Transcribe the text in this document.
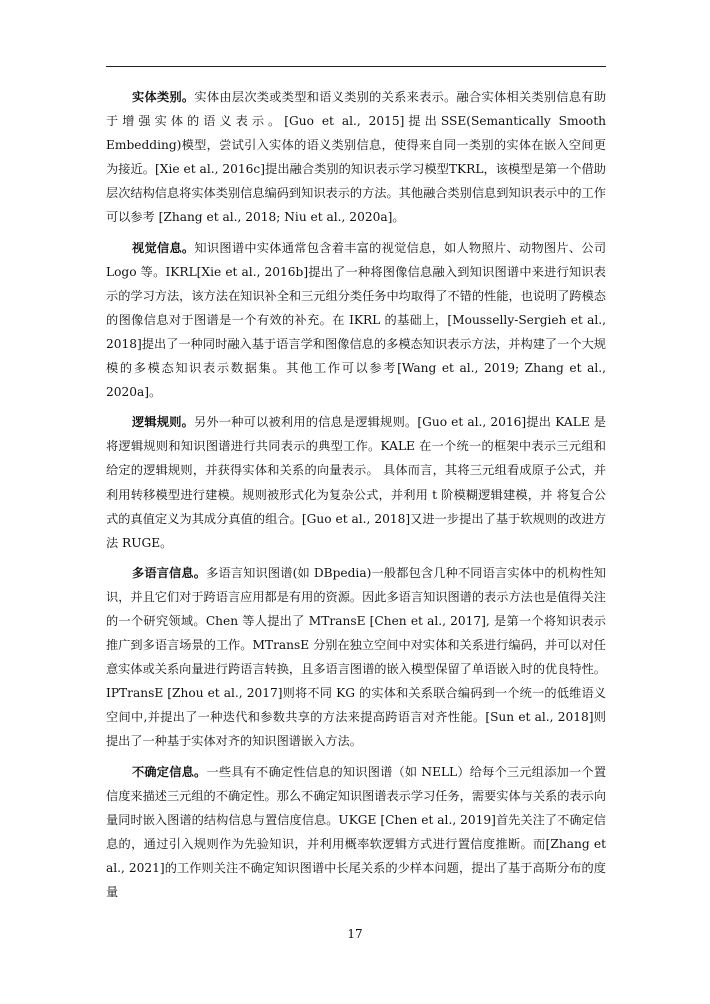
实体类别。实体由层次类或类型和语义类别的关系来表示。融合实体相关类别信息有助于增强实体的语义表示。[Guo et al., 2015]提出SSE(Semantically Smooth Embedding)模型，尝试引入实体的语义类别信息，使得来自同一类别的实体在嵌入空间更为接近。[Xie et al., 2016c]提出融合类别的知识表示学习模型TKRL，该模型是第一个借助层次结构信息将实体类别信息编码到知识表示的方法。其他融合类别信息到知识表示中的工作可以参考 [Zhang et al., 2018; Niu et al., 2020a]。

视觉信息。知识图谱中实体通常包含着丰富的视觉信息，如人物照片、动物图片、公司Logo 等。IKRL[Xie et al., 2016b]提出了一种将图像信息融入到知识图谱中来进行知识表示的学习方法，该方法在知识补全和三元组分类任务中均取得了不错的性能，也说明了跨模态的图像信息对于图谱是一个有效的补充。在 IKRL 的基础上，[Mousselly-Sergieh et al., 2018]提出了一种同时融入基于语言学和图像信息的多模态知识表示方法，并构建了一个大规模的多模态知识表示数据集。其他工作可以参考[Wang et al., 2019; Zhang et al., 2020a]。

逻辑规则。另外一种可以被利用的信息是逻辑规则。[Guo et al., 2016]提出 KALE 是将逻辑规则和知识图谱进行共同表示的典型工作。KALE 在一个统一的框架中表示三元组和给定的逻辑规则，并获得实体和关系的向量表示。 具体而言，其将三元组看成原子公式，并利用转移模型进行建模。规则被形式化为复杂公式，并利用 t 阶模糊逻辑建模，并 将复合公式的真值定义为其成分真值的组合。[Guo et al., 2018]又进一步提出了基于软规则的改进方法 RUGE。

多语言信息。多语言知识图谱(如 DBpedia)一般都包含几种不同语言实体中的机构性知识，并且它们对于跨语言应用都是有用的资源。因此多语言知识图谱的表示方法也是值得关注的一个研究领域。Chen 等人提出了 MTransE [Chen et al., 2017], 是第一个将知识表示推广到多语言场景的工作。MTransE 分别在独立空间中对实体和关系进行编码，并可以对任意实体或关系向量进行跨语言转换，且多语言图谱的嵌入模型保留了单语嵌入时的优良特性。IPTransE [Zhou et al., 2017]则将不同 KG 的实体和关系联合编码到一个统一的低维语义空间中,并提出了一种迭代和参数共享的方法来提高跨语言对齐性能。[Sun et al., 2018]则提出了一种基于实体对齐的知识图谱嵌入方法。

不确定信息。一些具有不确定性信息的知识图谱（如 NELL）给每个三元组添加一个置信度来描述三元组的不确定性。那么不确定知识图谱表示学习任务，需要实体与关系的表示向量同时嵌入图谱的结构信息与置信度信息。UKGE [Chen et al., 2019]首先关注了不确定信息的，通过引入规则作为先验知识，并利用概率软逻辑方式进行置信度推断。而[Zhang et al., 2021]的工作则关注不确定知识图谱中长尾关系的少样本问题，提出了基于高斯分布的度量

17
